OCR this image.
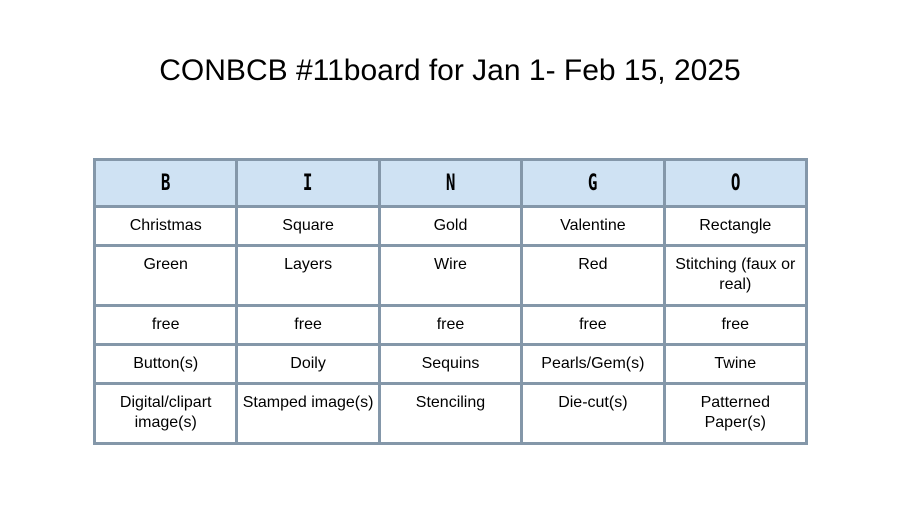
CONBCB #11board for Jan 1- Feb 15, 2025
B	I	N	G	O
Christmas	Square	Gold	Valentine	Rectangle
Green	Layers	Wire	Red	Stitching (faux or real)
free	free	free	free	free
Button(s)	Doily	Sequins	Pearls/Gem(s)	Twine
Digital/clipart image(s)	Stamped image(s)	Stenciling	Die-cut(s)	Patterned Paper(s)
